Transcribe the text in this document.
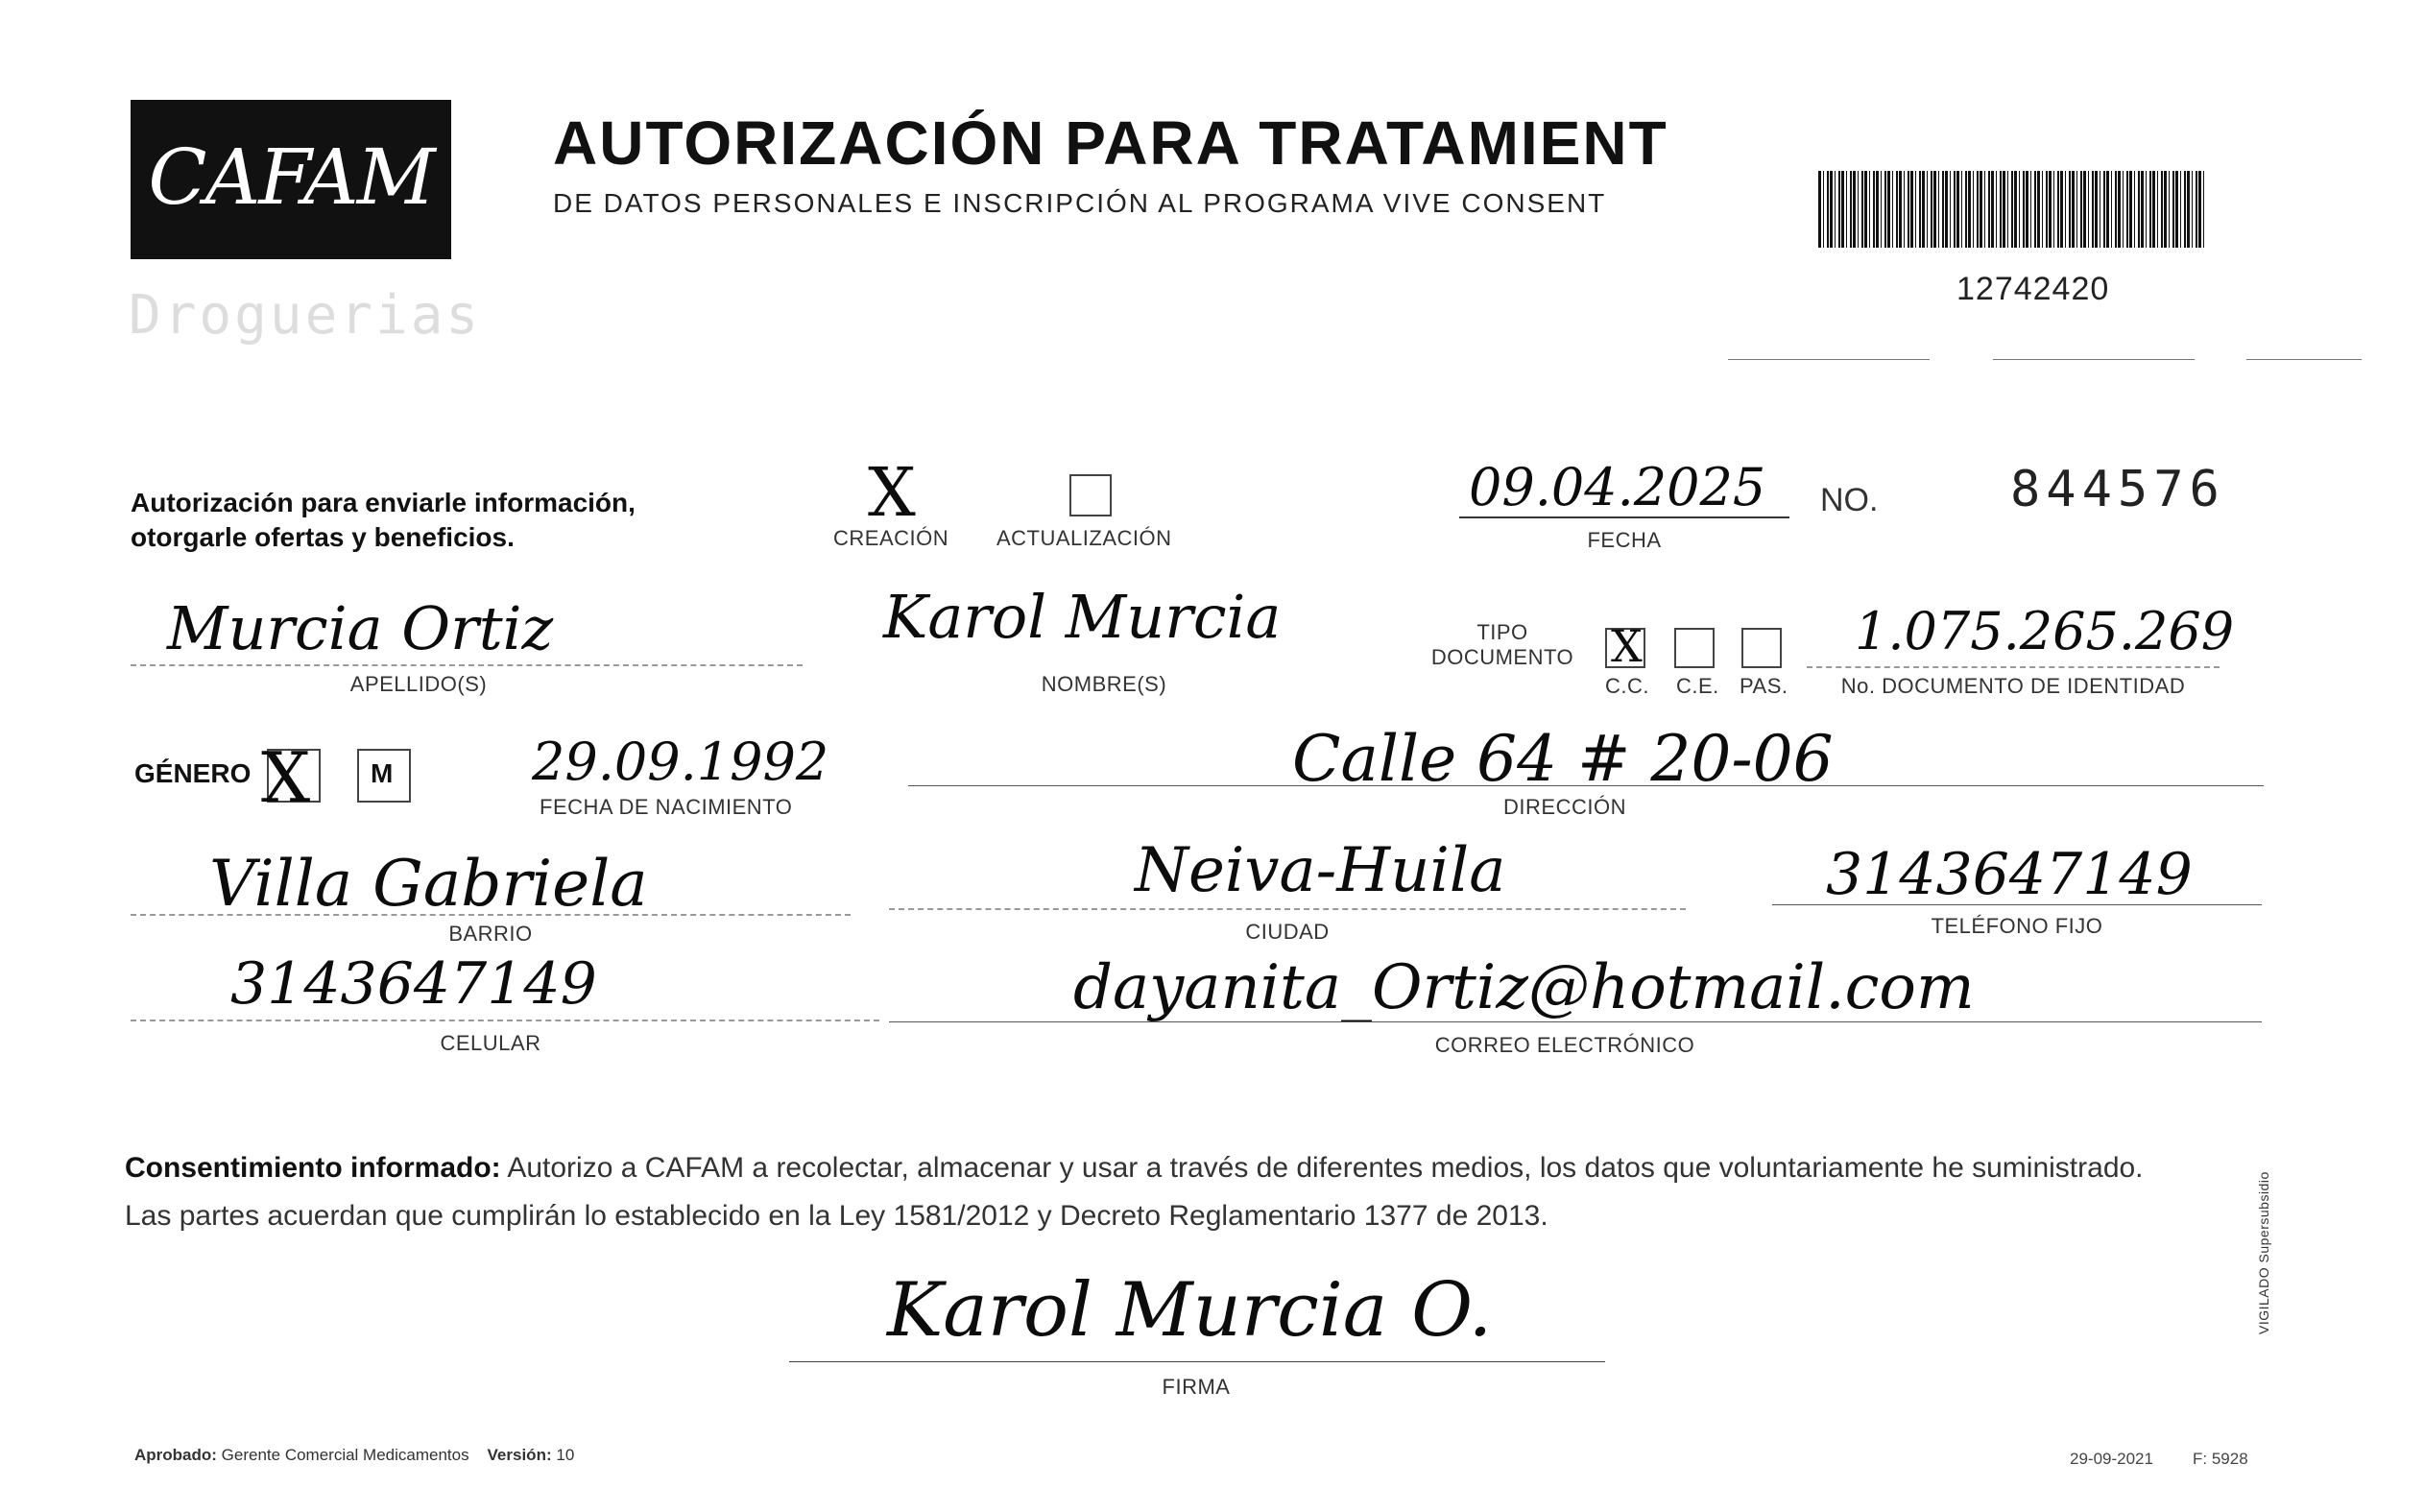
CAFAM
Droguerias
AUTORIZACIÓN PARA TRATAMIENT
DE DATOS PERSONALES E INSCRIPCIÓN AL PROGRAMA VIVE CONSENT
12742420
Autorización para enviarle información, otorgarle ofertas y beneficios.
X
CREACIÓN ACTUALIZACIÓN
09.04.2025
FECHA
NO.	844576
Murcia Ortiz
APELLIDO(S)
Karol Murcia
NOMBRE(S)
TIPO DOCUMENTO X
C.C. C.E. PAS.
1.075.265.269
No. DOCUMENTO DE IDENTIDAD
GÉNERO X M	29.09.1992
FECHA DE NACIMIENTO
Calle 64 # 20-06
DIRECCIÓN
Villa Gabriela
BARRIO
Neiva-Huila
CIUDAD
3143647149
TELÉFONO FIJO
3143647149
CELULAR
dayanita_Ortiz@hotmail.com
CORREO ELECTRÓNICO
Consentimiento informado: Autorizo a CAFAM a recolectar, almacenar y usar a través de diferentes medios, los datos que voluntariamente he suministrado.
Las partes acuerdan que cumplirán lo establecido en la Ley 1581/2012 y Decreto Reglamentario 1377 de 2013.
Karol Murcia O.
FIRMA
Aprobado: Gerente Comercial Medicamentos Versión: 10	29-09-2021 F: 5928
VIGILADO Supersubsidio
